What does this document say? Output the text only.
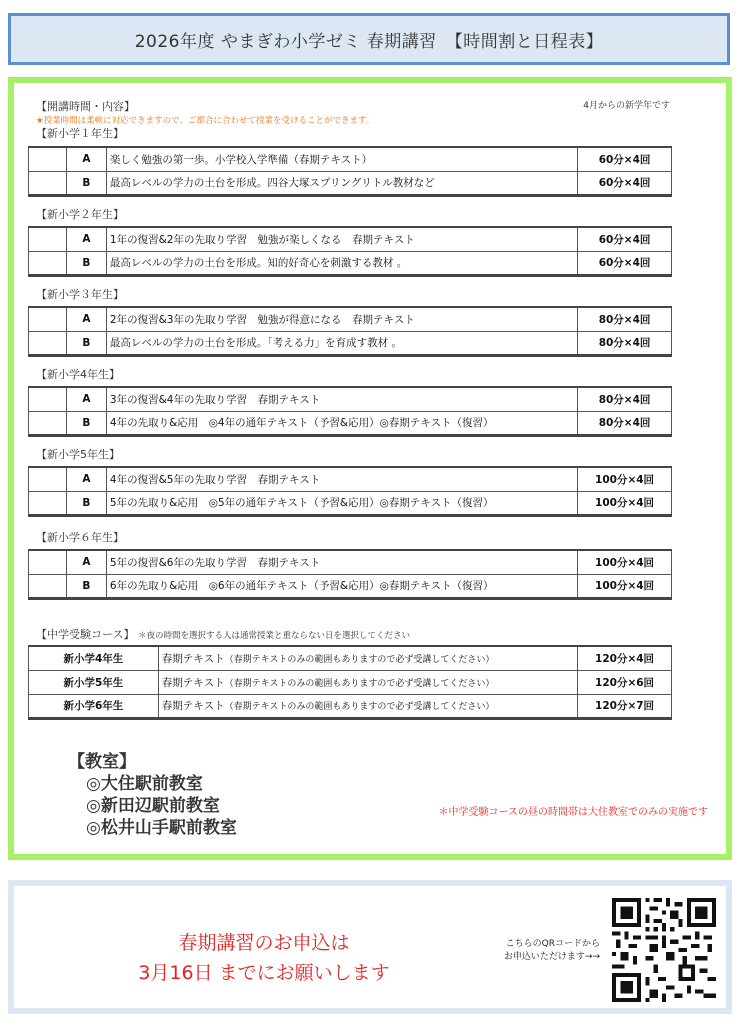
2026年度 やまぎわ小学ゼミ 春期講習　【時間割と日程表】
【開講時間・内容】
★授業時間は柔軟に対応できますので、ご都合に合わせて授業を受けることができます。
4月からの新学年です
【新小学１年生】
	A	楽しく勉強の第一歩。小学校入学準備（春期テキスト）	60分×4回
	B	最高レベルの学力の土台を形成。四谷大塚スプリングリトル教材など	60分×4回
【新小学２年生】
	A	1年の復習&2年の先取り学習　勉強が楽しくなる　春期テキスト	60分×4回
	B	最高レベルの学力の土台を形成。知的好奇心を刺激する教材 。	60分×4回
【新小学３年生】
	A	2年の復習&3年の先取り学習　勉強が得意になる　春期テキスト	80分×4回
	B	最高レベルの学力の土台を形成。「考える力」を育成す教材 。	80分×4回
【新小学4年生】
	A	3年の復習&4年の先取り学習　春期テキスト	80分×4回
	B	4年の先取り&応用　◎4年の通年テキスト（予習&応用）◎春期テキスト（復習）	80分×4回
【新小学5年生】
	A	4年の復習&5年の先取り学習　春期テキスト	100分×4回
	B	5年の先取り&応用　◎5年の通年テキスト（予習&応用）◎春期テキスト（復習）	100分×4回
【新小学６年生】
	A	5年の復習&6年の先取り学習　春期テキスト	100分×4回
	B	6年の先取り&応用　◎6年の通年テキスト（予習&応用）◎春期テキスト（復習）	100分×4回
【中学受験コース】 ＊夜の時間を選択する人は通常授業と重ならない日を選択してください
新小学4年生	春期テキスト（春期テキストのみの範囲もありますので必ず受講してください）	120分×4回
新小学5年生	春期テキスト（春期テキストのみの範囲もありますので必ず受講してください）	120分×6回
新小学6年生	春期テキスト（春期テキストのみの範囲もありますので必ず受講してください）	120分×7回
【教室】
◎大住駅前教室
◎新田辺駅前教室
◎松井山手駅前教室
＊中学受験コースの昼の時間帯は大住教室でのみの実施です
春期講習のお申込は
3月16日 までにお願いします
こちらのQRコードから
お申込いただけます→→
